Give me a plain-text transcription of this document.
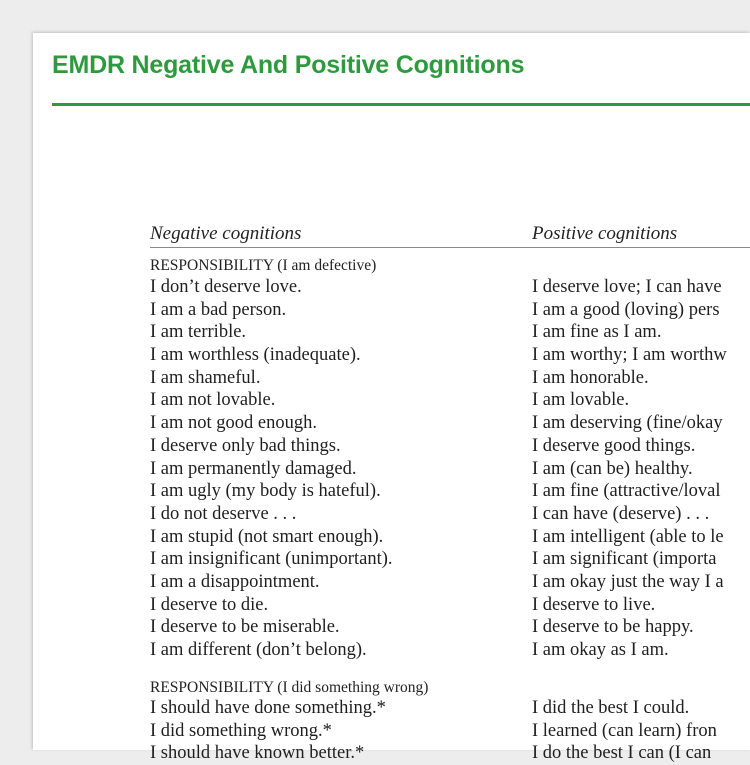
EMDR Negative And Positive Cognitions
Negative cognitions	Positive cognitions
RESPONSIBILITY (I am defective)
I don’t deserve love.	I deserve love; I can have
I am a bad person.	I am a good (loving) pers
I am terrible.	I am fine as I am.
I am worthless (inadequate).	I am worthy; I am worthw
I am shameful.	I am honorable.
I am not lovable.	I am lovable.
I am not good enough.	I am deserving (fine/okay
I deserve only bad things.	I deserve good things.
I am permanently damaged.	I am (can be) healthy.
I am ugly (my body is hateful).	I am fine (attractive/loval
I do not deserve . . .	I can have (deserve) . . .
I am stupid (not smart enough).	I am intelligent (able to le
I am insignificant (unimportant).	I am significant (importa
I am a disappointment.	I am okay just the way I a
I deserve to die.	I deserve to live.
I deserve to be miserable.	I deserve to be happy.
I am different (don’t belong).	I am okay as I am.
RESPONSIBILITY (I did something wrong)
I should have done something.*	I did the best I could.
I did something wrong.*	I learned (can learn) fron
I should have known better.*	I do the best I can (I can
